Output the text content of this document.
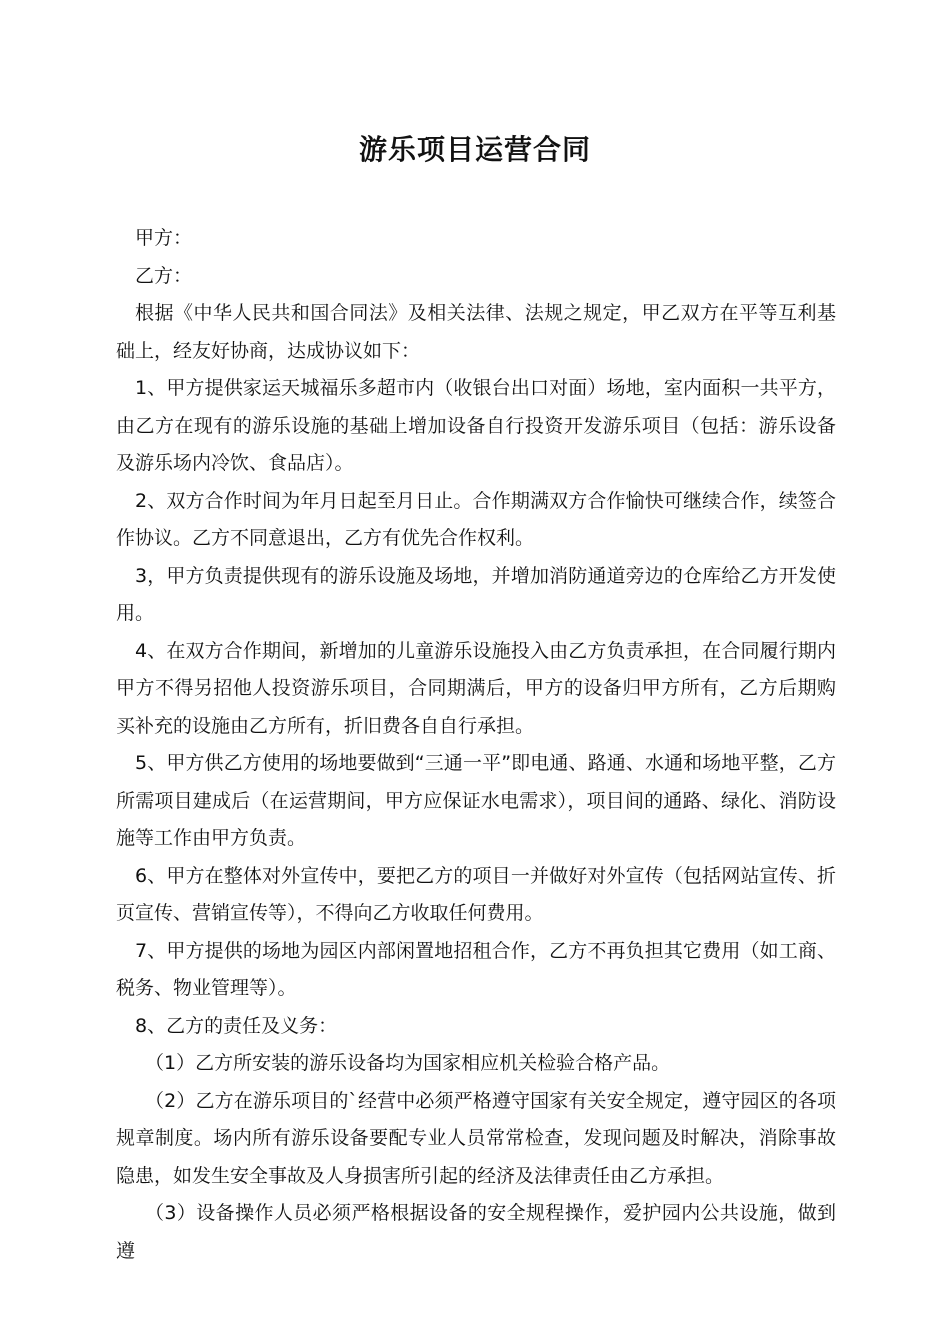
游乐项目运营合同

甲方：

乙方：

根据《中华人民共和国合同法》及相关法律、法规之规定，甲乙双方在平等互利基础上，经友好协商，达成协议如下：

1、甲方提供家运天城福乐多超市内（收银台出口对面）场地，室内面积一共平方，由乙方在现有的游乐设施的基础上增加设备自行投资开发游乐项目（包括：游乐设备及游乐场内冷饮、食品店）。

2、双方合作时间为年月日起至月日止。合作期满双方合作愉快可继续合作，续签合作协议。乙方不同意退出，乙方有优先合作权利。

3，甲方负责提供现有的游乐设施及场地，并增加消防通道旁边的仓库给乙方开发使用。

4、在双方合作期间，新增加的儿童游乐设施投入由乙方负责承担，在合同履行期内甲方不得另招他人投资游乐项目，合同期满后，甲方的设备归甲方所有，乙方后期购买补充的设施由乙方所有，折旧费各自自行承担。

5、甲方供乙方使用的场地要做到“三通一平”即电通、路通、水通和场地平整，乙方所需项目建成后（在运营期间，甲方应保证水电需求），项目间的通路、绿化、消防设施等工作由甲方负责。

6、甲方在整体对外宣传中，要把乙方的项目一并做好对外宣传（包括网站宣传、折页宣传、营销宣传等），不得向乙方收取任何费用。

7、甲方提供的场地为园区内部闲置地招租合作，乙方不再负担其它费用（如工商、税务、物业管理等）。

8、乙方的责任及义务：

（1）乙方所安装的游乐设备均为国家相应机关检验合格产品。

（2）乙方在游乐项目的`经营中必须严格遵守国家有关安全规定，遵守园区的各项规章制度。场内所有游乐设备要配专业人员常常检查，发现问题及时解决，消除事故隐患，如发生安全事故及人身损害所引起的经济及法律责任由乙方承担。

（3）设备操作人员必须严格根据设备的安全规程操作，爱护园内公共设施，做到遵
